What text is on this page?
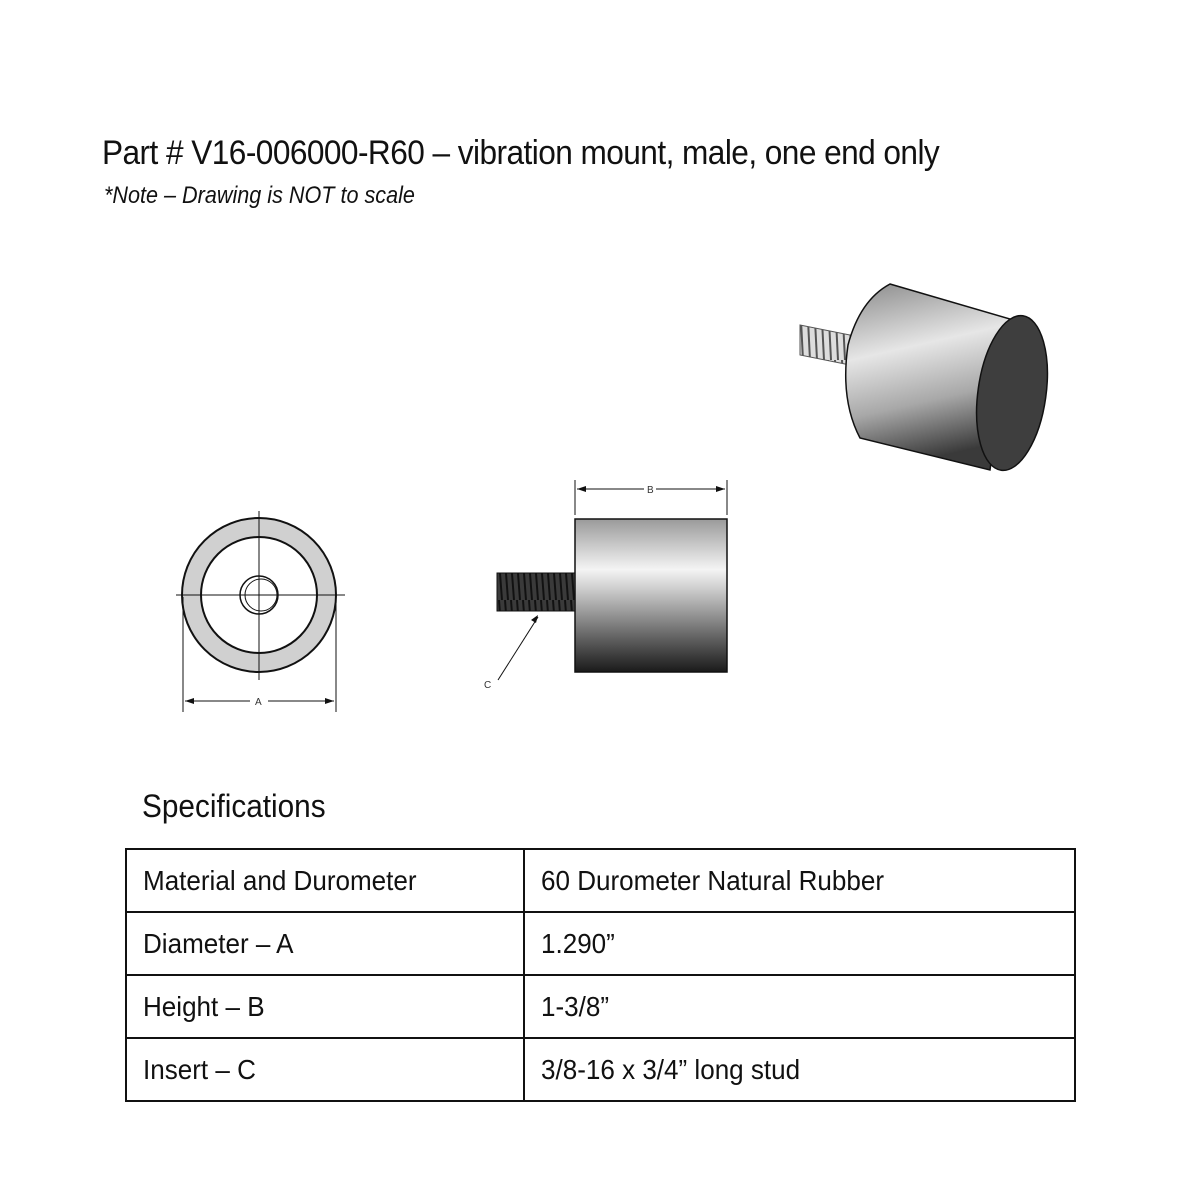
Part # V16-006000-R60 – vibration mount, male, one end only
*Note – Drawing is NOT to scale
A
B
C
Specifications
Material and Durometer	60 Durometer Natural Rubber
Diameter – A	1.290”
Height – B	1-3/8”
Insert – C	3/8-16 x 3/4” long stud
